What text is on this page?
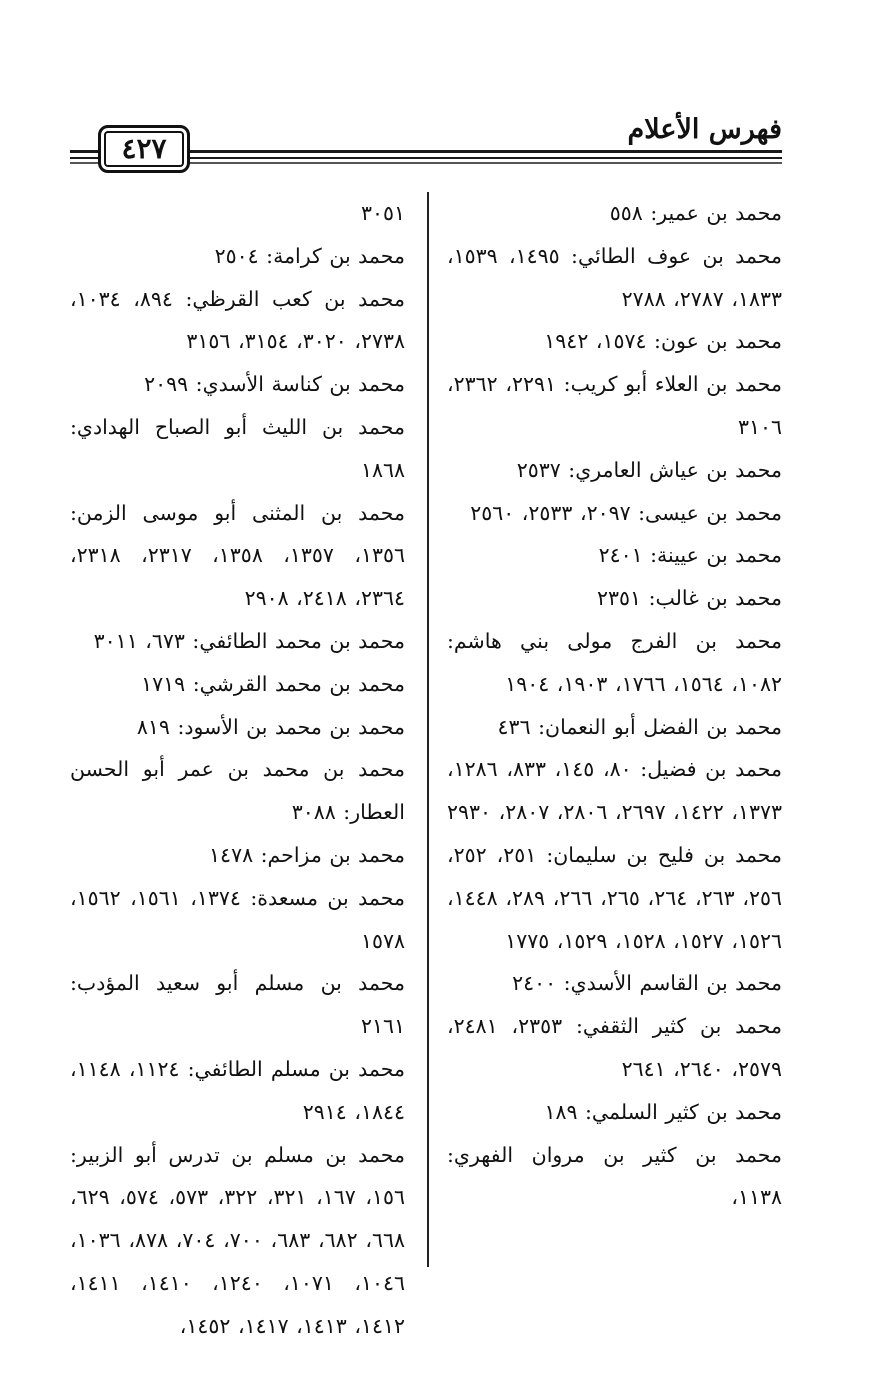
فهرس الأعلام
٤٢٧

محمد بن عمير: ٥٥٨

محمد بن عوف الطائي: ١٤٩٥، ١٥٣٩، ١٨٣٣، ٢٧٨٧، ٢٧٨٨

محمد بن عون: ١٥٧٤، ١٩٤٢

محمد بن العلاء أبو كريب: ٢٢٩١، ٢٣٦٢، ٣١٠٦

محمد بن عياش العامري: ٢٥٣٧

محمد بن عيسى: ٢٠٩٧، ٢٥٣٣، ٢٥٦٠

محمد بن عيينة: ٢٤٠١

محمد بن غالب: ٢٣٥١

محمد بن الفرج مولى بني هاشم: ١٠٨٢، ١٥٦٤، ١٧٦٦، ١٩٠٣، ١٩٠٤

محمد بن الفضل أبو النعمان: ٤٣٦

محمد بن فضيل: ٨٠، ١٤٥، ٨٣٣، ١٢٨٦، ١٣٧٣، ١٤٢٢، ٢٦٩٧، ٢٨٠٦، ٢٨٠٧، ٢٩٣٠

محمد بن فليح بن سليمان: ٢٥١، ٢٥٢، ٢٥٦، ٢٦٣، ٢٦٤، ٢٦٥، ٢٦٦، ٢٨٩، ١٤٤٨، ١٥٢٦، ١٥٢٧، ١٥٢٨، ١٥٢٩، ١٧٧٥

محمد بن القاسم الأسدي: ٢٤٠٠

محمد بن كثير الثقفي: ٢٣٥٣، ٢٤٨١، ٢٥٧٩، ٢٦٤٠، ٢٦٤١

محمد بن كثير السلمي: ١٨٩

محمد بن كثير بن مروان الفهري: ١١٣٨،

٣٠٥١

محمد بن كرامة: ٢٥٠٤

محمد بن كعب القرظي: ٨٩٤، ١٠٣٤، ٢٧٣٨، ٣٠٢٠، ٣١٥٤، ٣١٥٦

محمد بن كناسة الأسدي: ٢٠٩٩

محمد بن الليث أبو الصباح الهدادي: ١٨٦٨

محمد بن المثنى أبو موسى الزمن: ١٣٥٦، ١٣٥٧، ١٣٥٨، ٢٣١٧، ٢٣١٨، ٢٣٦٤، ٢٤١٨، ٢٩٠٨

محمد بن محمد الطائفي: ٦٧٣، ٣٠١١

محمد بن محمد القرشي: ١٧١٩

محمد بن محمد بن الأسود: ٨١٩

محمد بن محمد بن عمر أبو الحسن العطار: ٣٠٨٨

محمد بن مزاحم: ١٤٧٨

محمد بن مسعدة: ١٣٧٤، ١٥٦١، ١٥٦٢، ١٥٧٨

محمد بن مسلم أبو سعيد المؤدب: ٢١٦١

محمد بن مسلم الطائفي: ١١٢٤، ١١٤٨، ١٨٤٤، ٢٩١٤

محمد بن مسلم بن تدرس أبو الزبير: ١٥٦، ١٦٧، ٣٢١، ٣٢٢، ٥٧٣، ٥٧٤، ٦٢٩، ٦٦٨، ٦٨٢، ٦٨٣، ٧٠٠، ٧٠٤، ٨٧٨، ١٠٣٦، ١٠٤٦، ١٠٧١، ١٢٤٠، ١٤١٠، ١٤١١، ١٤١٢، ١٤١٣، ١٤١٧، ١٤٥٢،
